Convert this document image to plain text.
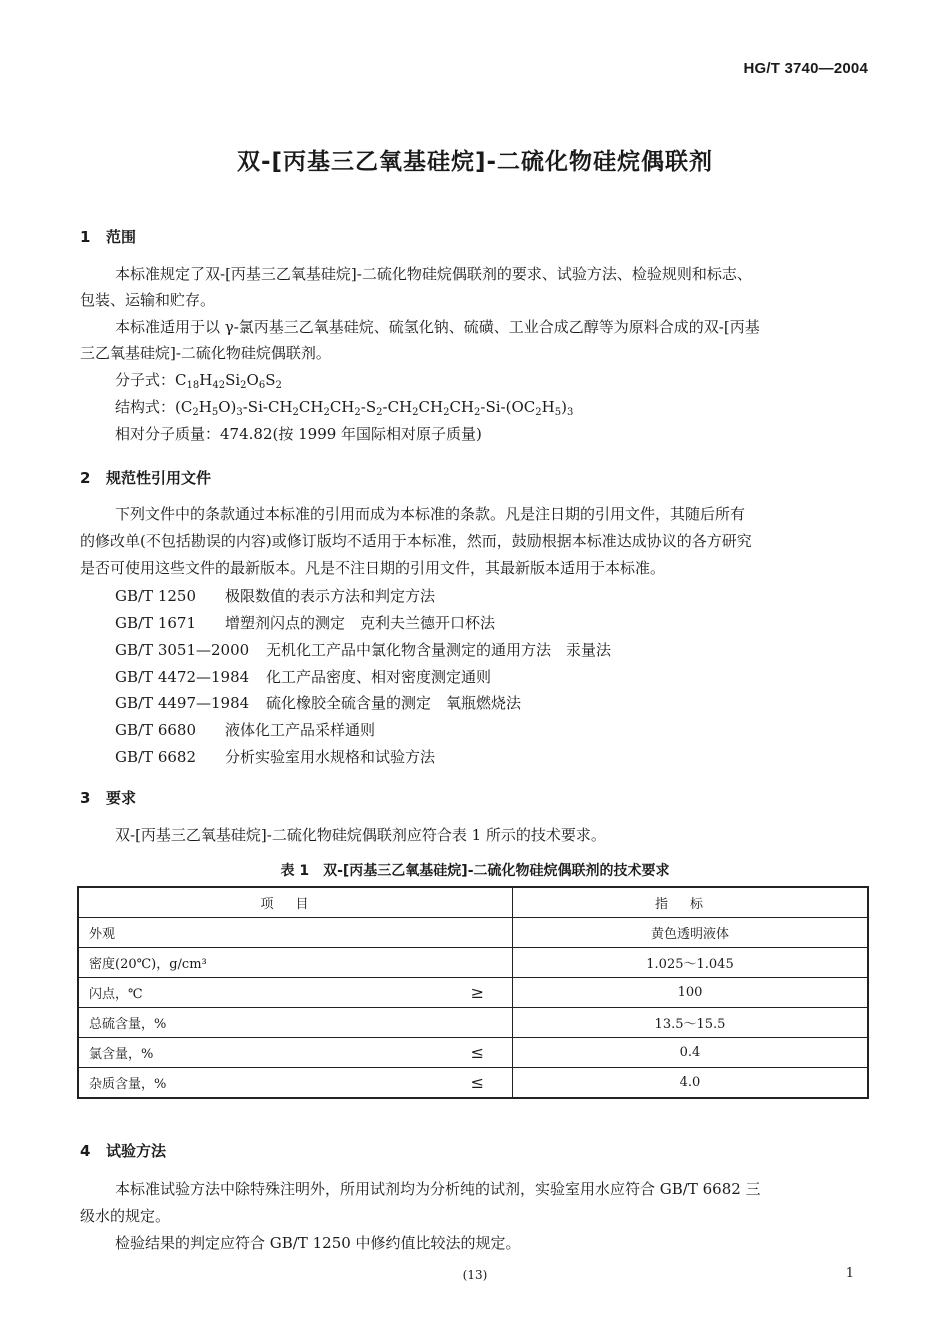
HG/T 3740—2004
双-[丙基三乙氧基硅烷]-二硫化物硅烷偶联剂
1 范围
本标准规定了双-[丙基三乙氧基硅烷]-二硫化物硅烷偶联剂的要求、试验方法、检验规则和标志、
包装、运输和贮存。
本标准适用于以 γ-氯丙基三乙氧基硅烷、硫氢化钠、硫磺、工业合成乙醇等为原料合成的双-[丙基
三乙氧基硅烷]-二硫化物硅烷偶联剂。
分子式：$C_{18}H_{42}Si_2O_6S_2$
结构式：$(C_2H_5O)_3-Si-CH_2CH_2CH_2-S_2-CH_2CH_2CH_2-Si-(OC_2H_5)_3$
相对分子质量：474.82(按 1999 年国际相对原子质量)
2 规范性引用文件
下列文件中的条款通过本标准的引用而成为本标准的条款。凡是注日期的引用文件，其随后所有
的修改单(不包括勘误的内容)或修订版均不适用于本标准，然而，鼓励根据本标准达成协议的各方研究
是否可使用这些文件的最新版本。凡是不注日期的引用文件，其最新版本适用于本标准。
GB/T 1250 极限数值的表示方法和判定方法
GB/T 1671 增塑剂闪点的测定　克利夫兰德开口杯法
GB/T 3051—2000 无机化工产品中氯化物含量测定的通用方法　汞量法
GB/T 4472—1984 化工产品密度、相对密度测定通则
GB/T 4497—1984 硫化橡胶全硫含量的测定　氧瓶燃烧法
GB/T 6680 液体化工产品采样通则
GB/T 6682 分析实验室用水规格和试验方法
3 要求
双-[丙基三乙氧基硅烷]-二硫化物硅烷偶联剂应符合表 1 所示的技术要求。
表 1　双-[丙基三乙氧基硅烷]-二硫化物硅烷偶联剂的技术要求
项目	指标
外观	黄色透明液体
密度(20℃)，g/cm³	1.025～1.045
闪点，℃ ≥	100
总硫含量，%	13.5～15.5
氯含量，% ≤	0.4
杂质含量，% ≤	4.0
4 试验方法
本标准试验方法中除特殊注明外，所用试剂均为分析纯的试剂，实验室用水应符合 GB/T 6682 三
级水的规定。
检验结果的判定应符合 GB/T 1250 中修约值比较法的规定。
(13)	1
